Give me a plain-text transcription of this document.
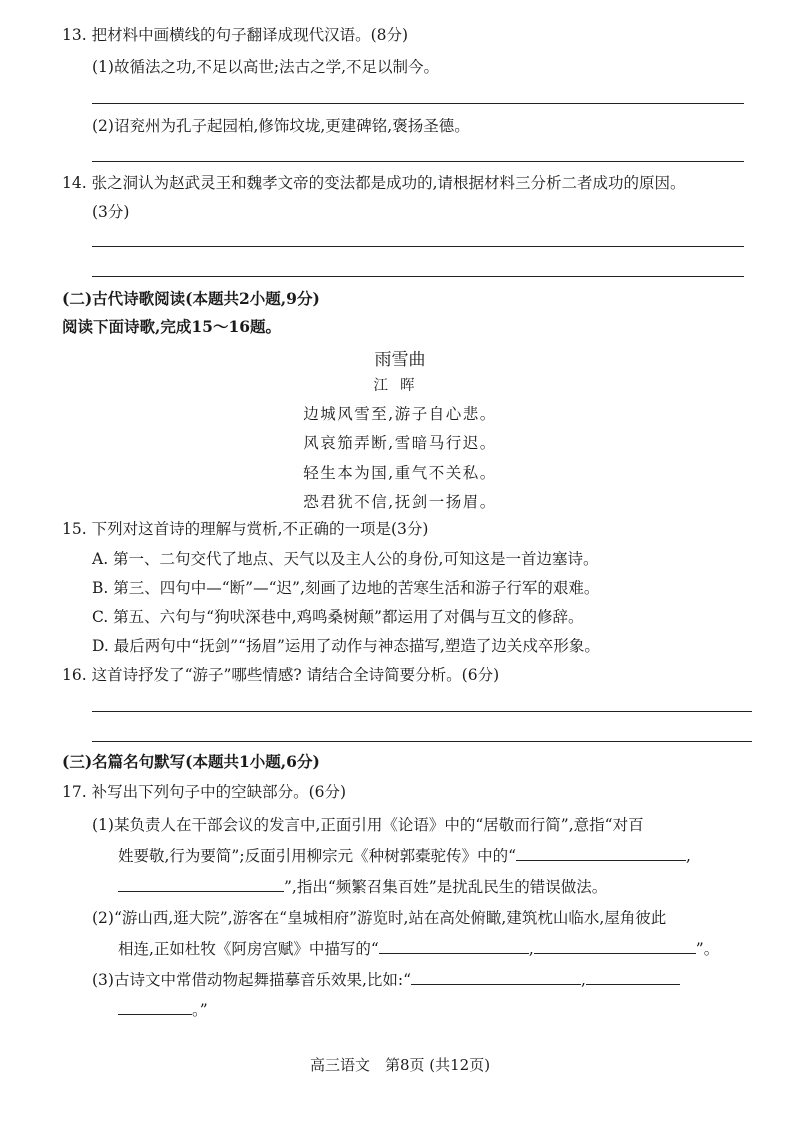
13. 把材料中画横线的句子翻译成现代汉语。(8分)
(1)故循法之功,不足以高世;法古之学,不足以制今。
(2)诏兖州为孔子起园柏,修饰坟垅,更建碑铭,褒扬圣德。
14. 张之洞认为赵武灵王和魏孝文帝的变法都是成功的,请根据材料三分析二者成功的原因。
(3分)
(二)古代诗歌阅读(本题共2小题,9分)
阅读下面诗歌,完成15～16题。
雨雪曲
江晖
边城风雪至,游子自心悲。
风哀笳弄断,雪暗马行迟。
轻生本为国,重气不关私。
恐君犹不信,抚剑一扬眉。
15. 下列对这首诗的理解与赏析,不正确的一项是(3分)
A. 第一、二句交代了地点、天气以及主人公的身份,可知这是一首边塞诗。
B. 第三、四句中—“断”—“迟”,刻画了边地的苦寒生活和游子行军的艰难。
C. 第五、六句与“狗吠深巷中,鸡鸣桑树颠”都运用了对偶与互文的修辞。
D. 最后两句中“抚剑”“扬眉”运用了动作与神态描写,塑造了边关戍卒形象。
16. 这首诗抒发了“游子”哪些情感? 请结合全诗简要分析。(6分)
(三)名篇名句默写(本题共1小题,6分)
17. 补写出下列句子中的空缺部分。(6分)
(1)某负责人在干部会议的发言中,正面引用《论语》中的“居敬而行简”,意指“对百
姓要敬,行为要简”;反面引用柳宗元《种树郭橐驼传》中的“	,
”,指出“频繁召集百姓”是扰乱民生的错误做法。
(2)“游山西,逛大院”,游客在“皇城相府”游览时,站在高处俯瞰,建筑枕山临水,屋角彼此
相连,正如杜牧《阿房宫赋》中描写的“	,	”。
(3)古诗文中常借动物起舞描摹音乐效果,比如:“	,
。”
高三语文　第8页 (共12页)
